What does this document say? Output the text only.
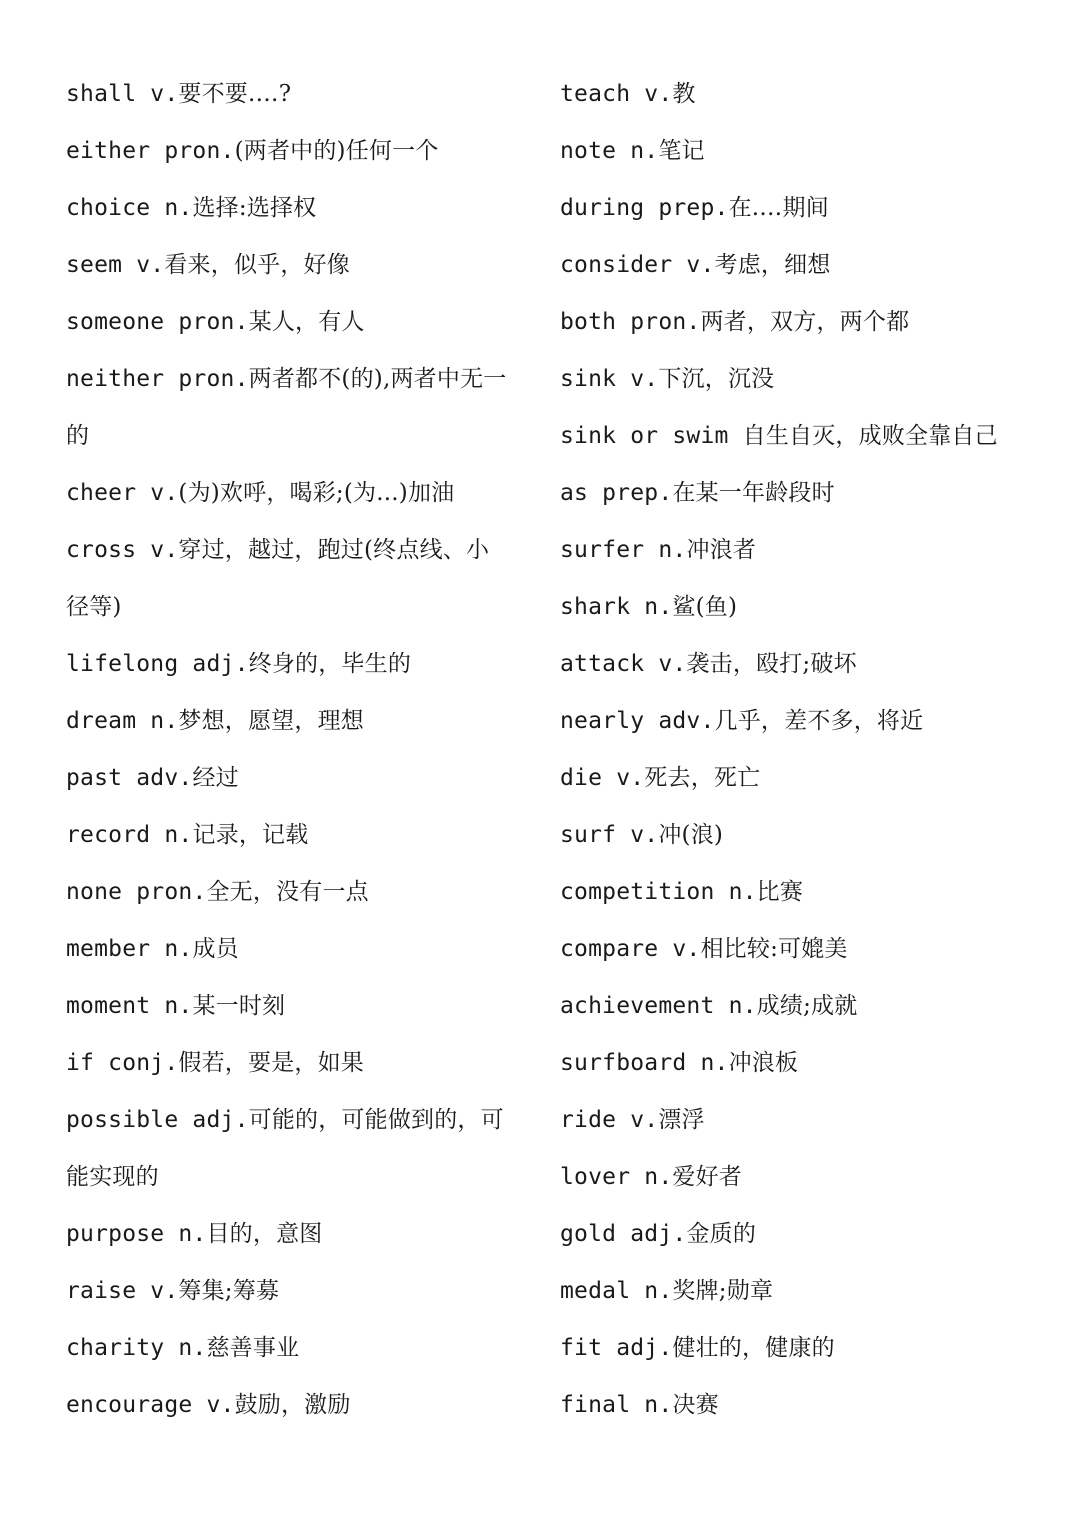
shall v.要不要.…?
either pron.(两者中的)任何一个
choice n.选择:选择权
seem v.看来，似乎，好像
someone pron.某人，有人
neither pron.两者都不(的),两者中无一
的
cheer v.(为)欢呼，喝彩;(为...)加油
cross v.穿过，越过，跑过(终点线、小
径等)
lifelong adj.终身的，毕生的
dream n.梦想，愿望，理想
past adv.经过
record n.记录，记载
none pron.全无，没有一点
member n.成员
moment n.某一时刻
if conj.假若，要是，如果
possible adj.可能的，可能做到的，可
能实现的
purpose n.目的，意图
raise v.筹集;筹募
charity n.慈善事业
encourage v.鼓励，激励
teach v.教
note n.笔记
during prep.在.…期间
consider v.考虑，细想
both pron.两者，双方，两个都
sink v.下沉，沉没
sink or swim 自生自灭，成败全靠自己
as prep.在某一年龄段时
surfer n.冲浪者
shark n.鲨(鱼)
attack v.袭击，殴打;破坏
nearly adv.几乎，差不多，将近
die v.死去，死亡
surf v.冲(浪)
competition n.比赛
compare v.相比较:可媲美
achievement n.成绩;成就
surfboard n.冲浪板
ride v.漂浮
lover n.爱好者
gold adj.金质的
medal n.奖牌;勋章
fit adj.健壮的，健康的
final n.决赛
